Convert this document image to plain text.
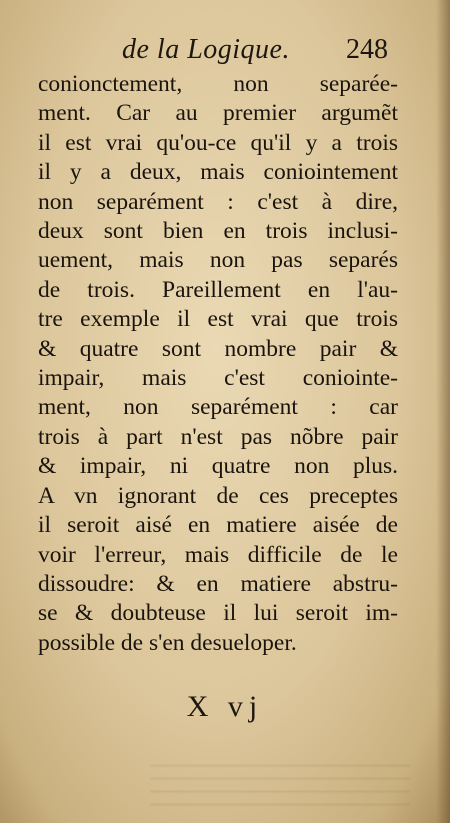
de la Logique. 248
conionctement, non separée-
ment. Car au premier argumẽt
il est vrai qu'ou-ce qu'il y a trois
il y a deux, mais coniointement
non separément : c'est à dire,
deux sont bien en trois inclusi-
uement, mais non pas separés
de trois. Pareillement en l'au-
tre exemple il est vrai que trois
& quatre sont nombre pair &
impair, mais c'est coniointe-
ment, non separément : car
trois à part n'est pas nõbre pair
& impair, ni quatre non plus.
A vn ignorant de ces preceptes
il seroit aisé en matiere aisée de
voir l'erreur, mais difficile de le
dissoudre: & en matiere abstru-
se & doubteuse il lui seroit im-
possible de s'en desueloper.
X vj
